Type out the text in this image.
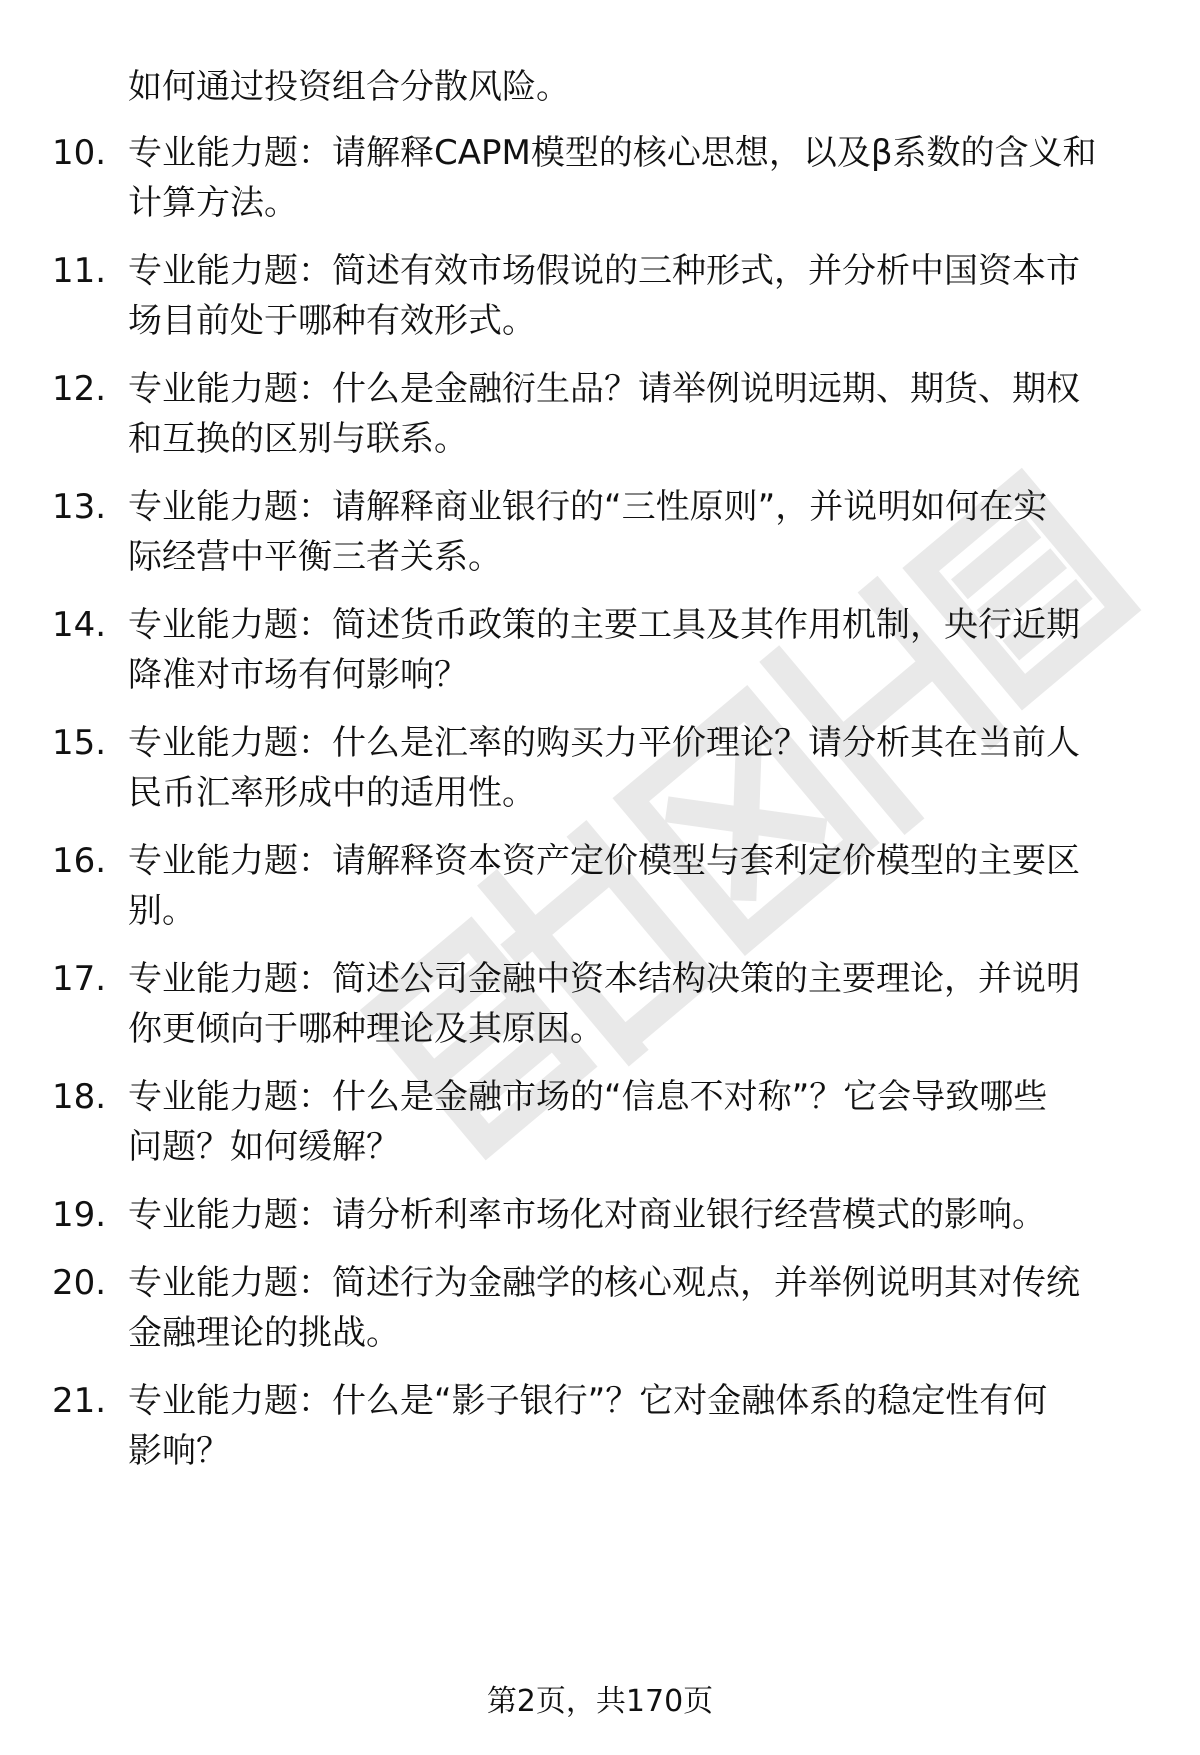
如何通过投资组合分散风险。
10. 专业能力题：请解释CAPM模型的核心思想，以及β系数的含义和
计算方法。
11. 专业能力题：简述有效市场假说的三种形式，并分析中国资本市
场目前处于哪种有效形式。
12. 专业能力题：什么是金融衍生品？请举例说明远期、期货、期权
和互换的区别与联系。
13. 专业能力题：请解释商业银行的“三性原则”，并说明如何在实
际经营中平衡三者关系。
14. 专业能力题：简述货币政策的主要工具及其作用机制，央行近期
降准对市场有何影响？
15. 专业能力题：什么是汇率的购买力平价理论？请分析其在当前人
民币汇率形成中的适用性。
16. 专业能力题：请解释资本资产定价模型与套利定价模型的主要区
别。
17. 专业能力题：简述公司金融中资本结构决策的主要理论，并说明
你更倾向于哪种理论及其原因。
18. 专业能力题：什么是金融市场的“信息不对称”？它会导致哪些
问题？如何缓解？
19. 专业能力题：请分析利率市场化对商业银行经营模式的影响。
20. 专业能力题：简述行为金融学的核心观点，并举例说明其对传统
金融理论的挑战。
21. 专业能力题：什么是“影子银行”？它对金融体系的稳定性有何
影响？
第2页，共170页
